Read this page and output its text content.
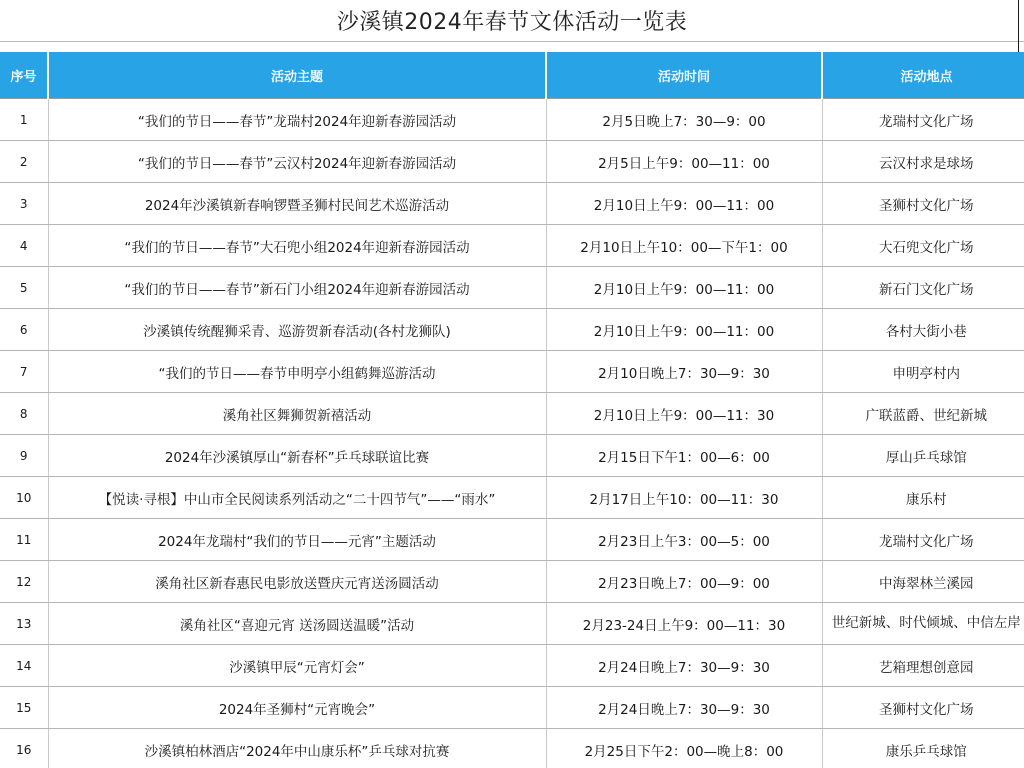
沙溪镇2024年春节文体活动一览表
序号	活动主题	活动时间	活动地点
1	“我们的节日——春节”龙瑞村2024年迎新春游园活动	2月5日晚上7：30—9：00	龙瑞村文化广场
2	“我们的节日——春节”云汉村2024年迎新春游园活动	2月5日上午9：00—11：00	云汉村求是球场
3	2024年沙溪镇新春响锣暨圣狮村民间艺术巡游活动	2月10日上午9：00—11：00	圣狮村文化广场
4	“我们的节日——春节”大石兜小组2024年迎新春游园活动	2月10日上午10：00—下午1：00	大石兜文化广场
5	“我们的节日——春节”新石门小组2024年迎新春游园活动	2月10日上午9：00—11：00	新石门文化广场
6	沙溪镇传统醒狮采青、巡游贺新春活动(各村龙狮队)	2月10日上午9：00—11：00	各村大街小巷
7	“我们的节日——春节申明亭小组鹤舞巡游活动	2月10日晚上7：30—9：30	申明亭村内
8	溪角社区舞狮贺新禧活动	2月10日上午9：00—11：30	广联蓝爵、世纪新城
9	2024年沙溪镇厚山“新春杯”乒乓球联谊比赛	2月15日下午1：00—6：00	厚山乒乓球馆
10	【悦读·寻根】中山市全民阅读系列活动之“二十四节气”——“雨水”	2月17日上午10：00—11：30	康乐村
11	2024年龙瑞村“我们的节日——元宵”主题活动	2月23日上午3：00—5：00	龙瑞村文化广场
12	溪角社区新春惠民电影放送暨庆元宵送汤圆活动	2月23日晚上7：00—9：00	中海翠林兰溪园
13	溪角社区“喜迎元宵 送汤圆送温暖”活动	2月23-24日上午9：00—11：30	世纪新城、时代倾城、中信左岸
14	沙溪镇甲辰“元宵灯会”	2月24日晚上7：30—9：30	艺箱理想创意园
15	2024年圣狮村“元宵晚会”	2月24日晚上7：30—9：30	圣狮村文化广场
16	沙溪镇柏林酒店“2024年中山康乐杯”乒乓球对抗赛	2月25日下午2：00—晚上8：00	康乐乒乓球馆
